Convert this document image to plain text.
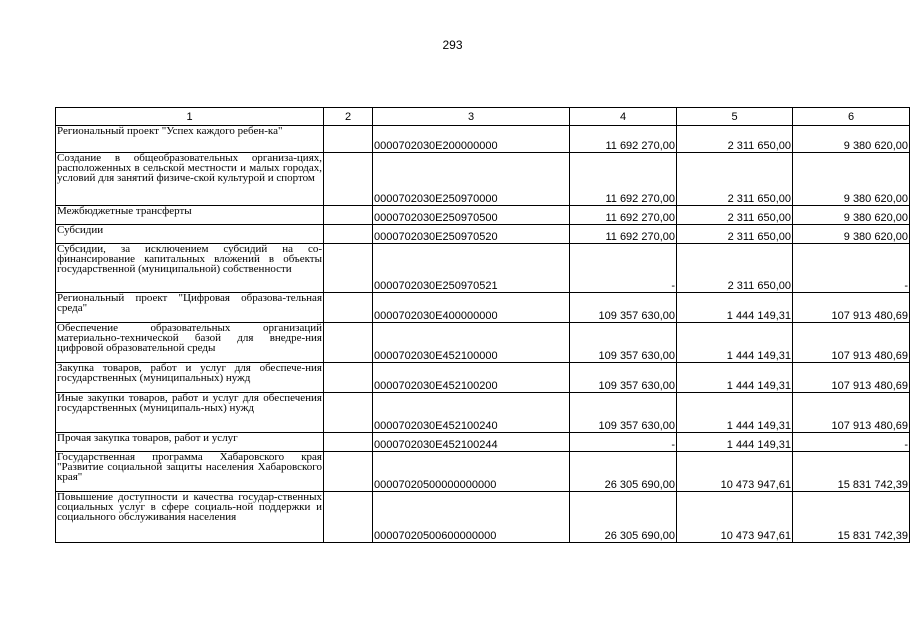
293
1	2	3	4	5	6
Региональный проект "Успех каждого ребен-ка"		0000702030E200000000	11 692 270,00	2 311 650,00	9 380 620,00
Создание в общеобразовательных организа-циях, расположенных в сельской местности и малых городах, условий для занятий физиче-ской культурой и спортом		0000702030E250970000	11 692 270,00	2 311 650,00	9 380 620,00
Межбюджетные трансферты		0000702030E250970500	11 692 270,00	2 311 650,00	9 380 620,00
Субсидии		0000702030E250970520	11 692 270,00	2 311 650,00	9 380 620,00
Субсидии, за исключением субсидий на со-финансирование капитальных вложений в объекты государственной (муниципальной) собственности		0000702030E250970521	-	2 311 650,00	-
Региональный проект "Цифровая образова-тельная среда"		0000702030E400000000	109 357 630,00	1 444 149,31	107 913 480,69
Обеспечение образовательных организаций материально-технической базой для внедре-ния цифровой образовательной среды		0000702030E452100000	109 357 630,00	1 444 149,31	107 913 480,69
Закупка товаров, работ и услуг для обеспече-ния государственных (муниципальных) нужд		0000702030E452100200	109 357 630,00	1 444 149,31	107 913 480,69
Иные закупки товаров, работ и услуг для обеспечения государственных (муниципаль-ных) нужд		0000702030E452100240	109 357 630,00	1 444 149,31	107 913 480,69
Прочая закупка товаров, работ и услуг		0000702030E452100244	-	1 444 149,31	-
Государственная программа Хабаровского края "Развитие социальной защиты населения Хабаровского края"		00007020500000000000	26 305 690,00	10 473 947,61	15 831 742,39
Повышение доступности и качества государ-ственных социальных услуг в сфере социаль-ной поддержки и социального обслуживания населения		00007020500600000000	26 305 690,00	10 473 947,61	15 831 742,39
